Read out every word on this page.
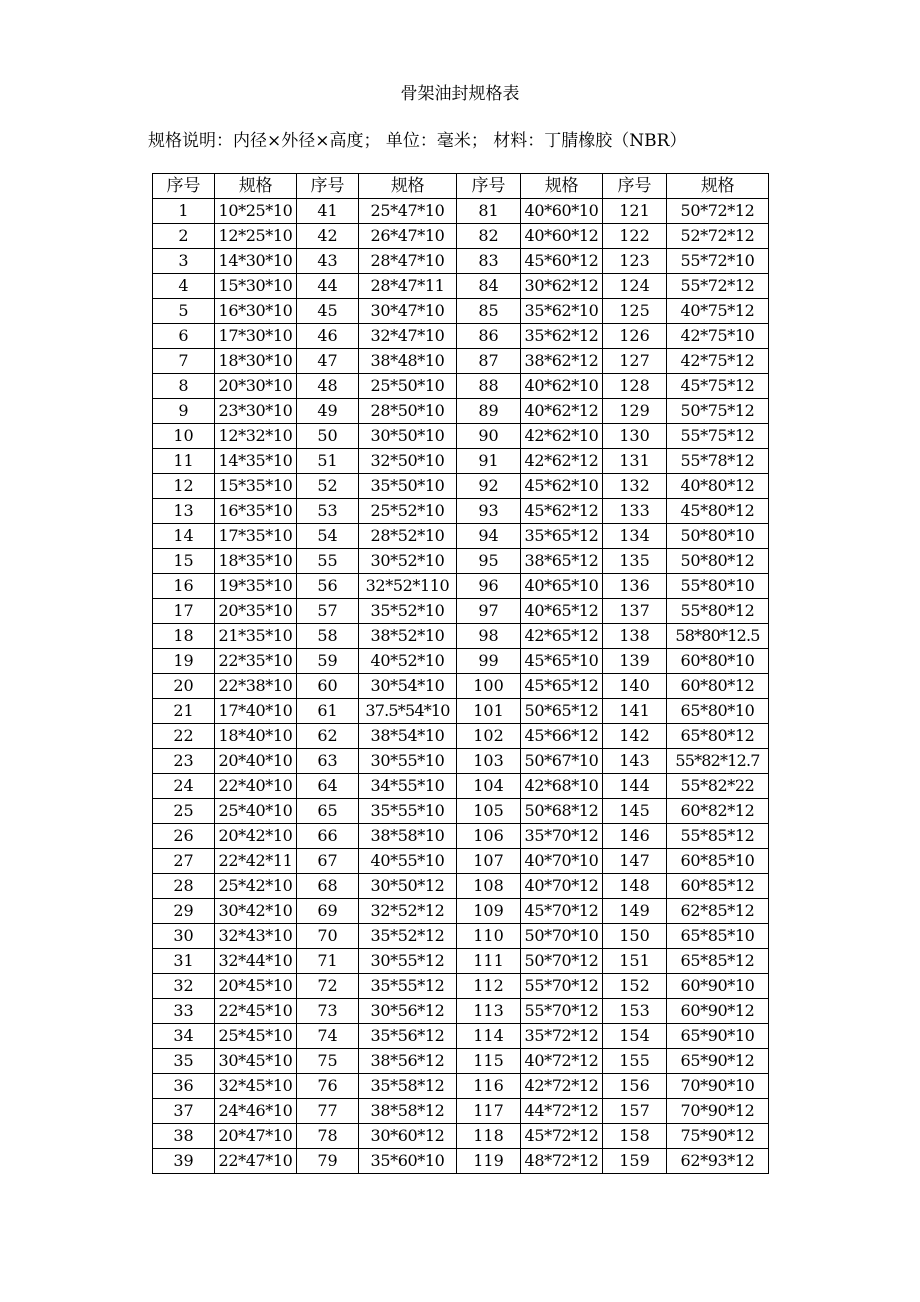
骨架油封规格表
规格说明：内径×外径×高度； 单位：毫米； 材料：丁腈橡胶（NBR）
序号	规格	序号	规格	序号	规格	序号	规格
1	10*25*10	41	25*47*10	81	40*60*10	121	50*72*12
2	12*25*10	42	26*47*10	82	40*60*12	122	52*72*12
3	14*30*10	43	28*47*10	83	45*60*12	123	55*72*10
4	15*30*10	44	28*47*11	84	30*62*12	124	55*72*12
5	16*30*10	45	30*47*10	85	35*62*10	125	40*75*12
6	17*30*10	46	32*47*10	86	35*62*12	126	42*75*10
7	18*30*10	47	38*48*10	87	38*62*12	127	42*75*12
8	20*30*10	48	25*50*10	88	40*62*10	128	45*75*12
9	23*30*10	49	28*50*10	89	40*62*12	129	50*75*12
10	12*32*10	50	30*50*10	90	42*62*10	130	55*75*12
11	14*35*10	51	32*50*10	91	42*62*12	131	55*78*12
12	15*35*10	52	35*50*10	92	45*62*10	132	40*80*12
13	16*35*10	53	25*52*10	93	45*62*12	133	45*80*12
14	17*35*10	54	28*52*10	94	35*65*12	134	50*80*10
15	18*35*10	55	30*52*10	95	38*65*12	135	50*80*12
16	19*35*10	56	32*52*110	96	40*65*10	136	55*80*10
17	20*35*10	57	35*52*10	97	40*65*12	137	55*80*12
18	21*35*10	58	38*52*10	98	42*65*12	138	58*80*12.5
19	22*35*10	59	40*52*10	99	45*65*10	139	60*80*10
20	22*38*10	60	30*54*10	100	45*65*12	140	60*80*12
21	17*40*10	61	37.5*54*10	101	50*65*12	141	65*80*10
22	18*40*10	62	38*54*10	102	45*66*12	142	65*80*12
23	20*40*10	63	30*55*10	103	50*67*10	143	55*82*12.7
24	22*40*10	64	34*55*10	104	42*68*10	144	55*82*22
25	25*40*10	65	35*55*10	105	50*68*12	145	60*82*12
26	20*42*10	66	38*58*10	106	35*70*12	146	55*85*12
27	22*42*11	67	40*55*10	107	40*70*10	147	60*85*10
28	25*42*10	68	30*50*12	108	40*70*12	148	60*85*12
29	30*42*10	69	32*52*12	109	45*70*12	149	62*85*12
30	32*43*10	70	35*52*12	110	50*70*10	150	65*85*10
31	32*44*10	71	30*55*12	111	50*70*12	151	65*85*12
32	20*45*10	72	35*55*12	112	55*70*12	152	60*90*10
33	22*45*10	73	30*56*12	113	55*70*12	153	60*90*12
34	25*45*10	74	35*56*12	114	35*72*12	154	65*90*10
35	30*45*10	75	38*56*12	115	40*72*12	155	65*90*12
36	32*45*10	76	35*58*12	116	42*72*12	156	70*90*10
37	24*46*10	77	38*58*12	117	44*72*12	157	70*90*12
38	20*47*10	78	30*60*12	118	45*72*12	158	75*90*12
39	22*47*10	79	35*60*10	119	48*72*12	159	62*93*12
